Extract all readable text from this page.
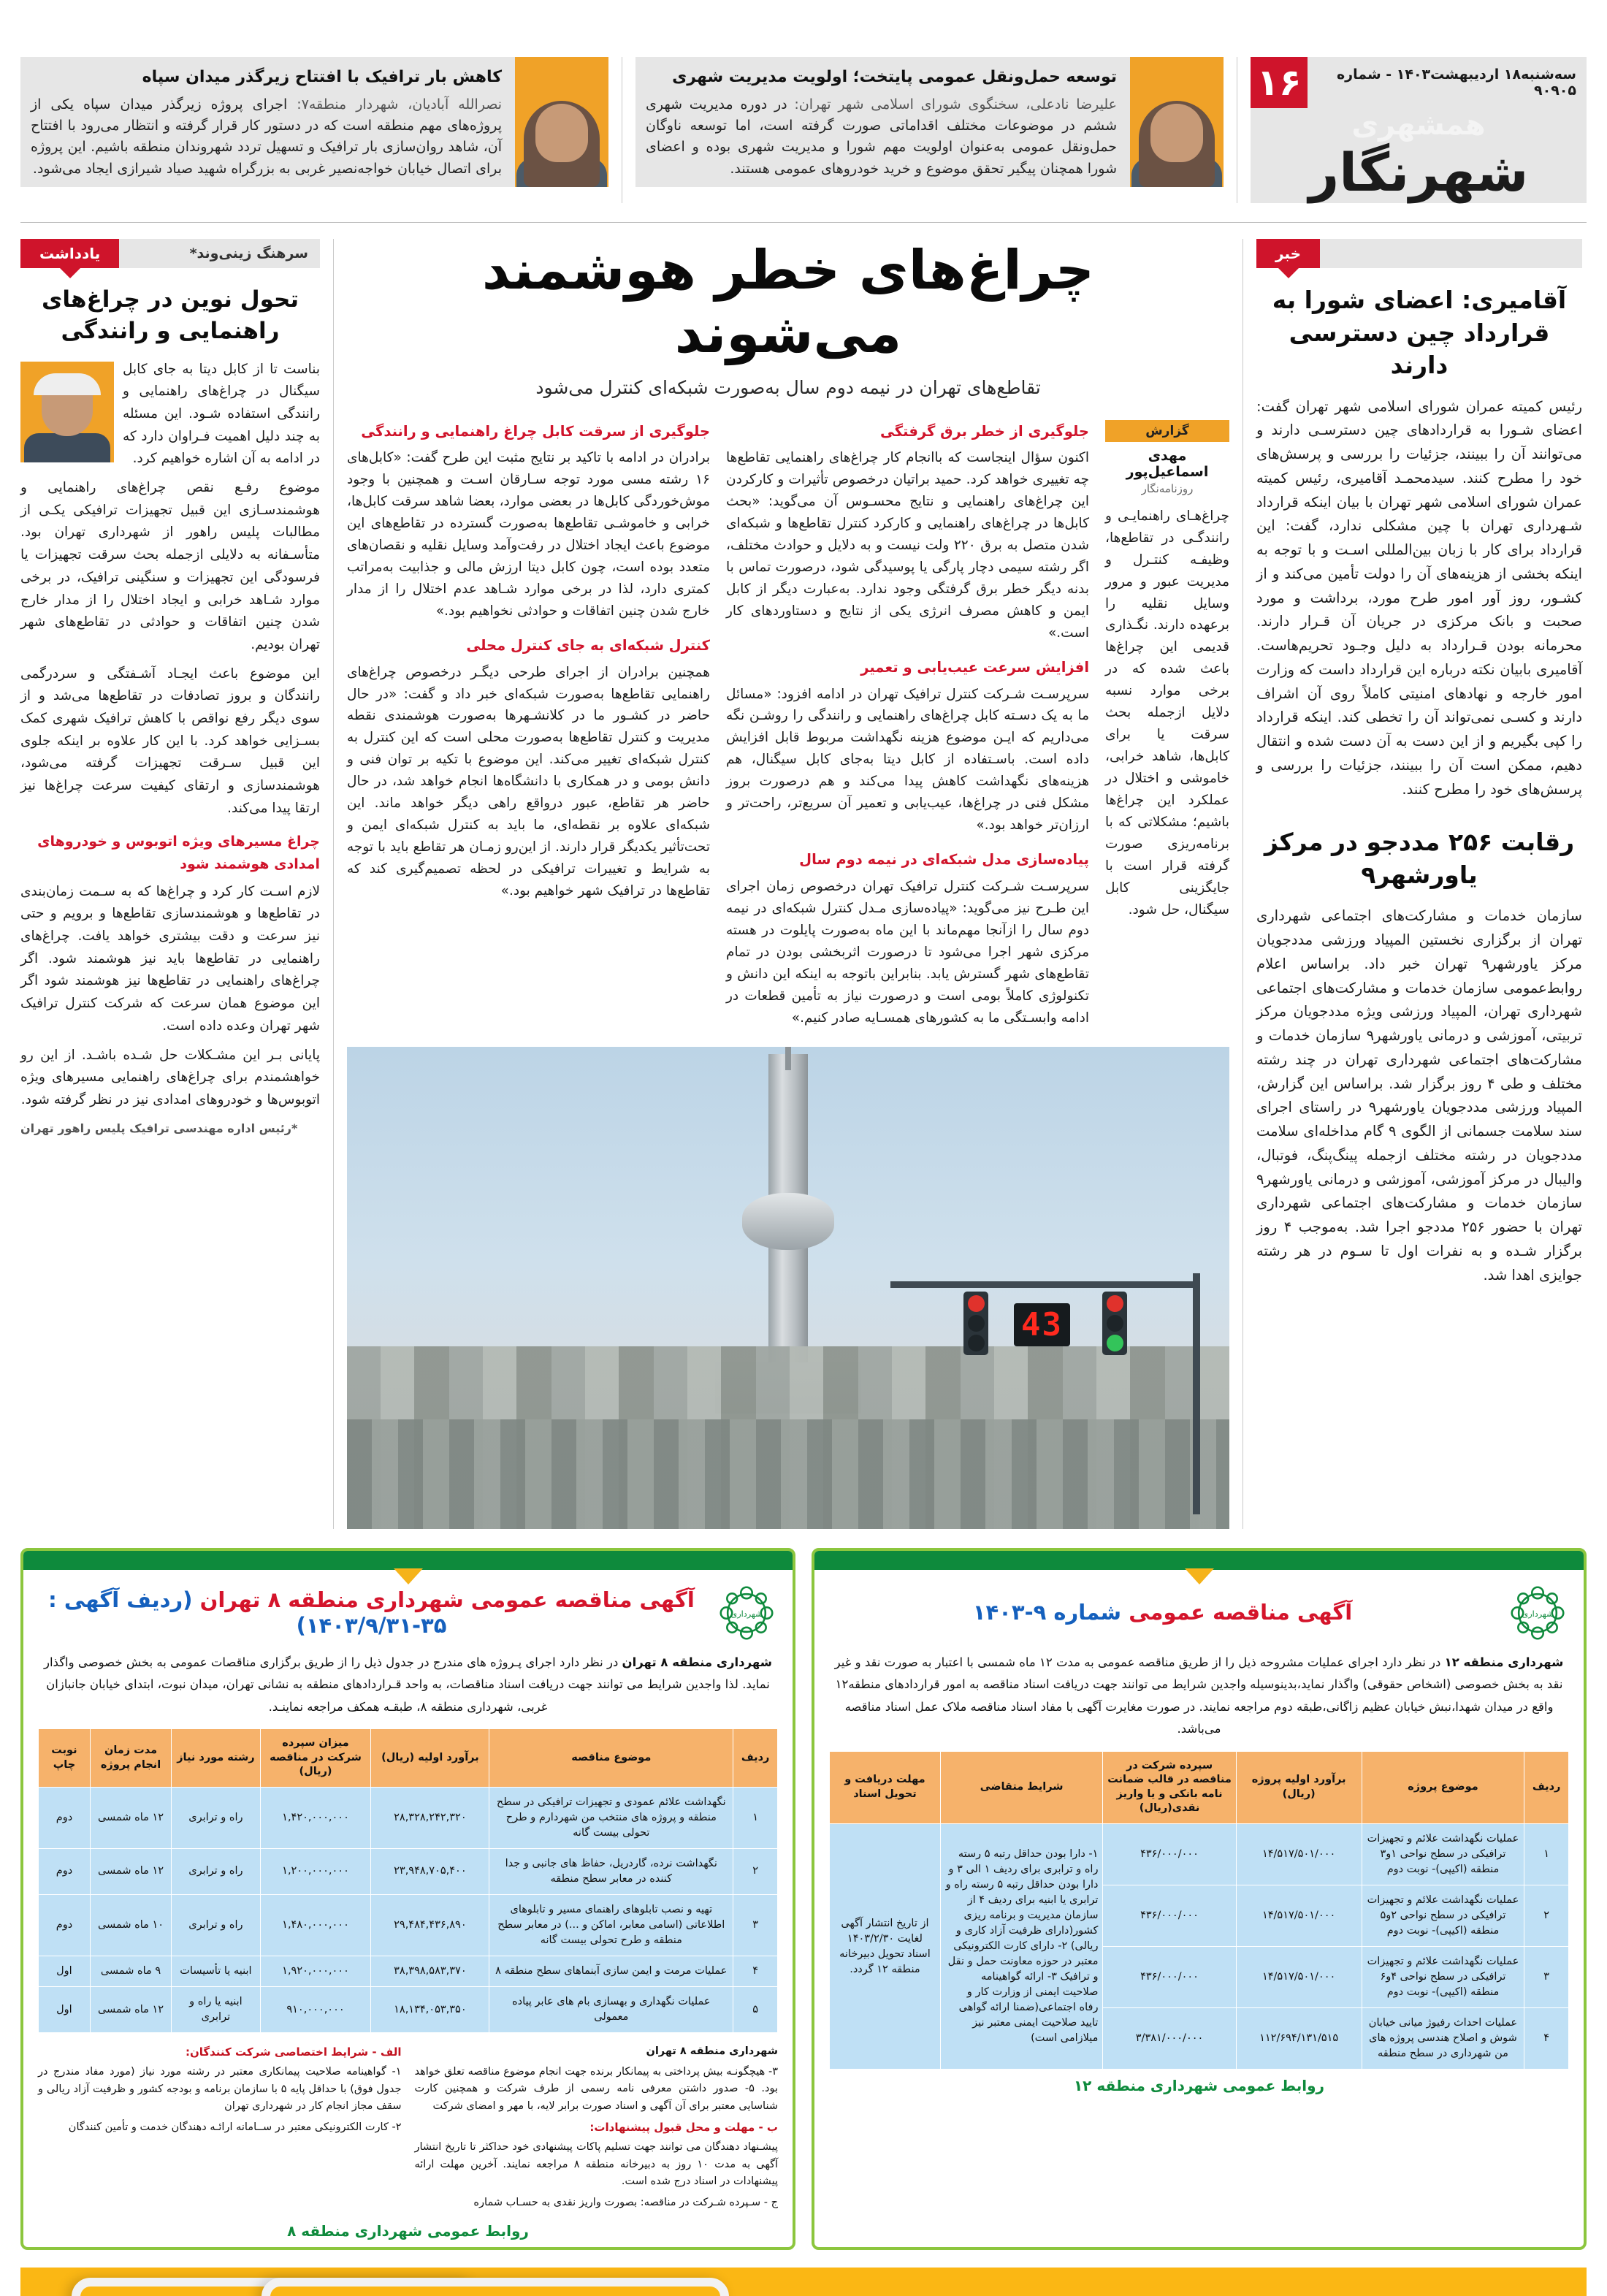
سه‌شنبه۱۸ اردیبهشت۱۴۰۳ - شماره ۹۰۹۰۵
۱۶
همشهری
شهرنگار
توسعه حمل‌ونقل عمومی پایتخت؛ اولویت مدیریت شهری
علیرضا نادعلی، سخنگوی شورای اسلامی شهر تهران: در دوره مدیریت شهری ششم در موضوعات مختلف اقداماتی صورت گرفته است، اما توسعه ناوگان حمل‌ونقل عمومی به‌عنوان اولویت مهم شورا و مدیریت شهری بوده و اعضای شورا همچنان پیگیر تحقق موضوع و خرید خودروهای عمومی هستند.
کاهش بار ترافیک با افتتاح زیرگذر میدان سپاه
نصرالله آبادیان، شهردار منطقه۷: اجرای پروژه زیرگذر میدان سپاه یکی از پروژه‌های مهم منطقه است که در دستور کار قرار گرفته و انتظار می‌رود با افتتاح آن، شاهد روان‌سازی بار ترافیک و تسهیل تردد شهروندان منطقه باشیم. این پروژه برای اتصال خیابان خواجه‌نصیر غربی به بزرگراه شهید صیاد شیرازی ایجاد می‌شود.
خبر
آقامیری: اعضای شورا به قرارداد چین دسترسی دارند
رئیس کمیته عمران شورای اسلامی شهر تهران گفت: اعضای شـورا به قراردادهای چین دسترسـی دارند و می‌توانند آن را ببینند، جزئیات را بررسی و پرسش‌های خود را مطرح کنند. سیدمحمـد آقامیری، رئیس کمیته عمران شورای اسلامی شهر تهران با بیان اینکه قرارداد شـهرداری تهران با چین مشکلی ندارد، گفت: این قرارداد برای کار با زبان بین‌المللی اسـت و با توجه به اینکه بخشی از هزینه‌های آن را دولت تأمین می‌کند و از کشـور، روز آور امور طرح مورد، برداشت و مورد صحبت و بانک مرکزی در جریان آن قـرار دارند. محرمانه بودن قـرارداد به دلیل وجـود تحریم‌هاست. آقامیری بابیان نکته درباره این قرارداد داست که وزارت امور خارجه و نهادهای امنیتی کاملاً روی آن اشراف دارند و کسـی نمی‌تواند آن را تخطی کند. اینکه قرارداد را کپی بگیریم و از این دست به آن دست شده و انتقال دهیم، ممکن است آن را ببینند، جزئیات را بررسی و پرسش‌های خود را مطرح کنند.
رقابت ۲۵۶ مددجو در مرکز یاورشهر۹
سازمان خدمات و مشارکت‌های اجتماعی شهرداری تهران از برگزاری نخستین المپیاد ورزشی مددجویان مرکز یاورشهر۹ تهران خبر داد. براساس اعلام روابط‌عمومی سازمان خدمات و مشارکت‌های اجتماعی شهرداری تهران، المپیاد ورزشی ویژه مددجویان مرکز تربیتی، آموزشی و درمانی یاورشهر۹ سازمان خدمات و مشارکت‌های اجتماعی شهرداری تهران در چند رشته مختلف و طی ۴ روز برگزار شد. براساس این گزارش، المپیاد ورزشی مددجویان یاورشهر۹ در راستای اجرای سند سلامت جسمانی از الگوی ۹ گام مداخله‌ای سلامت مددجویان در رشته مختلف ازجمله پینگ‌پنگ، فوتبال، والیبال در مرکز آموزشی، آموزشی و درمانی یاورشهر۹ سازمان خدمات و مشارکت‌های اجتماعی شهرداری تهران با حضور ۲۵۶ مددجو اجرا شد. به‌موجب ۴ روز برگزار شـده و به نفرات اول تا سـوم در هر رشته جوایزی اهدا شد.
چراغ‌های خطر هوشمند می‌شوند
تقاطع‌های تهران در نیمه دوم سال به‌صورت شبکه‌ای کنترل می‌شود
گزارش
مهدی اسماعیل‌پور
روزنامه‌نگار
چراغ‌هـای راهنمایـی و رانندگـی در تقاطع‌ها، وظیفـه کنتـرل و مدیریت عبور و مرور وسایل نقلیه را برعهده دارند. نگـذاری قدیمی این چراغ‌ها باعث شده که در برخی موارد نسبه دلایل ازجمله بحث سرقت یا برای کابل‌ها، شاهد خرابی، خاموشی و اختلال در عملکرد این چراغ‌ها باشیم؛ مشکلاتی که با برنامه‌ریزی صورت گرفته قرار است با جایگزینی کابل سیگنال، حل شود.
جلوگیری از خطر برق گرفتگی

اکنون سؤال اینجاست که باانجام کار چراغ‌های راهنمایی تقاطع‌ها چه تغییری خواهد کرد. حمید براتیان درخصوص تأثیرات و کارکردن این چراغ‌های راهنمایی و نتایج محسـوس آن می‌گوید: «بحث کابل‌ها در چراغ‌های راهنمایی و کارکرد کنترل تقاطع‌ها و شبکه‌ای شدن متصل به برق ۲۲۰ ولت نیست و به دلایل و حوادث مختلف، اگر رشته سیمی دچار پارگی یا پوسیدگی شود، درصورت تماس با بدنه دیگر خطر برق گرفتگی وجود ندارد. به‌عبارت دیگر از کابل ایمن و کاهش مصرف انرژی یکی از نتایج و دستاوردهای کار است.»

افزایش سرعت عیب‌یابی و تعمیر

سرپرسـت شـرکت کنترل ترافیک تهران در ادامه افزود: «مسائل ما به یک دسـته کابل چراغ‌های راهنمایی و رانندگی را روشـن نگه می‌داریم که ایـن موضوع هزینه نگهداشت مربوط قابل افزایش داده است. باسـتفاده از کابل دیتا به‌جای کابل سیگنال، هم هزینه‌های نگهداشت کاهش پیدا می‌کند و هم درصورت بروز مشکل فنی در چراغ‌ها، عیب‌یابی و تعمیر آن سریع‌تر، راحت‌تر و ارزان‌تر خواهد بود.»

پیاده‌سازی مدل شبکه‌ای در نیمه دوم سال

سرپرسـت شـرکت کنترل ترافیک تهران درخصوص زمان اجرای این طـرح نیز می‌گوید: «پیاده‌سازی مـدل کنترل شبکه‌ای در نیمه دوم سال را ازآنجا مهم‌ماند با این ماه به‌صورت پایلوت در هسته مرکزی شهر اجرا می‌شود تا درصورت اثربخشی بودن در تمام تقاطع‌های شهر گسترش یابد. بنابراین باتوجه به اینکه این دانش و تکنولوژی کاملاً بومی است و درصورت نیاز به تأمین قطعات در ادامه وابسـتگی ما به کشورهای همسـایه صادر کنیم.»

جلوگیری از سرقت کابل چراغ راهنمایی و رانندگی

برادران در ادامه با تاکید بر نتایج مثبت این طرح گفت: «کابل‌های ۱۶ رشته مسی مورد توجه سـارقان اسـت و همچنین با وجود موش‌خوردگی کابل‌ها در بعضی موارد، بعضا شاهد سرقت کابل‌ها، خرابی و خاموشـی تقاطع‌ها به‌صورت گسترده در تقاطع‌های این موضوع باعث ایجاد اختلال در رفت‌وآمد وسایل نقلیه و نقصان‌های متعدد بوده است، چون کابل دیتا ارزش مالی و جذابیت به‌مراتب کمتری دارد، لذا در برخی موارد شـاهد عدم اختلال را از مدار خارج شدن چنین اتفاقات و حوادثی نخواهیم بود.»

کنترل شبکه‌ای به جای کنترل محلی

همچنین برادران از اجرای طرحی دیگـر درخصوص چراغ‌های راهنمایی تقاطع‌ها به‌صورت شبکه‌ای خبر داد و گفت: «در حال حاضر در کشـور ما در کلانشـهرها به‌صورت هوشمندی نقطه مدیریت و کنترل تقاطع‌ها به‌صورت محلی است که این کنترل به کنترل شبکه‌ای تغییر می‌کند. این موضوع با تکیه بر توان فنی و دانش بومی و در همکاری با دانشگاه‌ها انجام خواهد شد، در حال حاضر هر تقاطع، عبور درواقع راهی دیگر خواهد ماند. این شبکه‌ای علاوه بر نقطه‌ای، ما باید به کنترل شبکه‌ای ایمن و تحت‌تأثیر یکدیگر قرار دارند. از این‌رو زمـان هر تقاطع باید با توجه به شرایط و تغییرات ترافیکی در لحظه تصمیم‌گیری کند که تقاطع‌ها در ترافیک شهر خواهیم بود.»

43
یادداشت	سرهنگ زینی‌وند*
تحول نوین در چراغ‌های راهنمایی و رانندگی

بناست تا از کابل دیتا به‌ جای کابل سیگنال در چراغ‌های راهنمایی و رانندگی استفاده شـود. این مسئله به چند دلیل اهمیت فـراوان دارد که در ادامه به آن اشاره خواهیم کرد.

موضوع رفـع نقص چراغ‌های راهنمایی و هوشمندسـازی این قبیل تجهیزات ترافیکی یکـی از مطالبات پلیس راهور از شهرداری تهران بود. متأسـفانه به دلایلی ازجمله بحث سرقت تجهیزات یا فرسودگی این تجهیزات و سنگینی ترافیک، در برخی موارد شـاهد خرابی و ایجاد اختلال را از مدار خارج شدن چنین اتفاقات و حوادثی در تقاطع‌های شهر تهران بودیم.

این موضوع باعث ایجـاد آشـفتگی و سردرگمی رانندگان و بروز تصادفات در تقاطع‌ها می‌شد و از سوی دیگر رفع نواقص با کاهش ترافیک شهری کمک بسـزایی خواهد کرد. با این کار علاوه بر اینکه جلوی این قبیل سـرقت تجهیزات گرفته می‌شود، هوشمندسازی و ارتقای کیفیت سرعت چراغ‌ها نیز ارتقا پیدا می‌کند.

چراغ مسیرهای ویژه اتوبوس و خودروهای امدادی هوشمند شود

لازم اسـت کار کرد و چراغ‌ها که به سـمت زمان‌بندی در تقاطع‌ها و هوشمندسازی تقاطع‌ها و برویم و حتی نیز سرعت و دقت بیشتری خواهد یافت. چراغ‌های راهنمایی در تقاطع‌ها باید نیز هوشمند شود. اگر چراغ‌های راهنمایی در تقاطع‌ها نیز هوشمند شود اگر این موضوع همان سرعت که شرکت کنترل ترافیک شهر تهران وعده داده است.

پایانی بـر این مشـکلات حل‌ شـده باشـد. از این رو خواهشمندم برای چراغ‌های راهنمایی مسیرهای ویژه اتوبوس‌ها و خودروهای امدادی نیز در نظر گرفته شود.

*رئیس اداره مهندسی ترافیک پلیس راهور تهران
شهرداری
آگهی مناقصه عمومی شماره ۹-۱۴۰۳
شهرداری منطقه ۱۲ در نظر دارد اجرای عملیات مشروحه ذیل را از طریق مناقصه عمومی به مدت ۱۲ ماه شمسی با اعتبار به صورت نقد و غیر نقد به بخش خصوصی (اشخاص حقوقی) واگذار نماید،بدینوسیله واجدین شرایط می توانند جهت دریافت اسناد مناقصه به امور قراردادهای منطقه۱۲ واقع در میدان شهدا،نبش خیابان عظیم زاگانی،طبقه دوم مراجعه نمایند. در صورت مغایرت آگهی با مفاد اسناد مناقصه ملاک عمل اسناد مناقصه می‌باشد.
ردیف	موضوع پروژه	برآورد اولیه پروژه (ریال)	سپرده شرکت در مناقصه در قالب ضمانت نامه بانکی و یا واریز نقدی(ریال)	شرایط متقاضی	مهلت دریافت و تحویل اسناد
۱	عملیات نگهداشت علائم و تجهیزات ترافیکی در سطح نواحی ۱و۳ منطقه (اکیپی)- نوبت دوم	۱۴/۵۱۷/۵۰۱/۰۰۰	۴۳۶/۰۰۰/۰۰۰	۱- دارا بودن حداقل رتبه ۵ رسته راه و ترابری برای ردیف ۱ الی ۳ و دارا بودن حداقل رتبه ۵ رسته راه و ترابری یا ابنیه برای ردیف ۴ از سازمان مدیریت و برنامه ریزی کشور(دارای ظرفیت آزاد کاری و ریالی) ۲- دارای کارت الکترونیکی معتبر در حوزه معاونت حمل و نقل و ترافیک ۳- ارائه گواهینامه صلاحیت ایمنی از وزارت کار و رفاه اجتماعی(ضمنا ارائه گواهی تایید صلاحیت ایمنی معتبر نیز میلازامی است)	از تاریخ انتشار آگهی لغایت ۱۴۰۳/۲/۳۰ اسناد تحویل دبیرخانه منطقه ۱۲ گردد.
۲	عملیات نگهداشت علائم و تجهیزات ترافیکی در سطح نواحی ۲و۵ منطقه (اکیپی)- نوبت دوم	۱۴/۵۱۷/۵۰۱/۰۰۰	۴۳۶/۰۰۰/۰۰۰		
۳	عملیات نگهداشت علائم و تجهیزات ترافیکی در سطح نواحی ۴و۶ منطقه (اکیپی)- نوبت دوم	۱۴/۵۱۷/۵۰۱/۰۰۰	۴۳۶/۰۰۰/۰۰۰		
۴	عملیات احداث رفیوژ میانی خیابان شوش و اصلاح هندسی پروژه های من شهرداری در سطح منطقه	۱۱۲/۶۹۴/۱۳۱/۵۱۵	۳/۳۸۱/۰۰۰/۰۰۰		
روابط عمومی شهرداری منطقه ۱۲
شهرداری
آگهی مناقصه عمومی شهرداری منطقه ۸ تهران (ردیف آگهی : ۳۵-۱۴۰۳/۹/۳۱)
شهرداری منطقه ۸ تهران در نظر دارد اجرای پـروژه های مندرج در جدول ذیل را از طریق برگزاری مناقصات عمومی به بخش خصوصی واگذار نماید. لذا واجدین شرایط می توانند جهت دریافت اسناد مناقصات، به واحد قـراردادهای منطقه به نشانی تهران، میدان نبوت، ابتدای خیابان جانبازان غربی، شهرداری منطقه ۸، طبقـه همکف مراجعه نماینـد.
ردیف	موضوع مناقصه	برآورد اولیه (ریال)	میزان سپرده شرکت در مناقصه (ریال)	رشته مورد نیاز	مدت زمان انجام پروژه	نوبت چاپ
۱	نگهداشت علائم عمودی و تجهیزات ترافیکی در سطح منطقه و پروژه های منتخب من شهردارم و طرح تحولی بیست گانه	۲۸,۳۲۸,۲۴۲,۳۲۰	۱,۴۲۰,۰۰۰,۰۰۰	راه و ترابری	۱۲ ماه شمسی	دوم
۲	نگهداشت نرده، گاردریل، حفاظ های جانبی و جدا کننده در معابر سطح منطقه	۲۳,۹۴۸,۷۰۵,۴۰۰	۱,۲۰۰,۰۰۰,۰۰۰	راه و ترابری	۱۲ ماه شمسی	دوم
۳	تهیه و نصب تابلوهای راهنمای مسیر و تابلوهای اطلاعاتی (اسامی معابر، اماکن و ...) در معابر سطح منطقه و طرح تحولی بیست گانه	۲۹,۴۸۴,۴۳۶,۸۹۰	۱,۴۸۰,۰۰۰,۰۰۰	راه و ترابری	۱۰ ماه شمسی	دوم
۴	عملیات مرمت و ایمن سازی آبنماهای سطح منطقه ۸	۳۸,۳۹۸,۵۸۳,۳۷۰	۱,۹۲۰,۰۰۰,۰۰۰	ابنیه یا تأسیسات	۹ ماه شمسی	اول
۵	عملیات نگهداری و بهسازی بام های عابر پیاده معمولی	۱۸,۱۳۴,۰۵۳,۳۵۰	۹۱۰,۰۰۰,۰۰۰	ابنیه یا راه و ترابری	۱۲ ماه شمسی	اول
شهرداری منطقه ۸ تهران

۳- هیچگونـه بیش پرداختی به پیمانکار برنده جهت انجام موضوع مناقصه تعلق خواهد بود. ۵- صدور داشتن معرفی نامه رسمی از طرف شرکت و همچنین کارت شناسایی معتبر برای آن آگهی و اسناد صورت برابر لایه، با مهر و امضای شرکت

ب - مهلت و محل قبول پیشنهادات:

پیشـنهاد دهندگان می توانند جهت تسلیم پاکات پیشنهادی خود حداکثر تا تاریخ انتشار آگهی به مدت ۱۰ روز به دبیرخانه منطقه ۸ مراجعه نمایند. آخرین مهلت ارائه پیشنهادات در اسناد درج شده است.

ج - سـپرده شـرکت در مناقصه: بصورت واریز نقدی به حسـاب شماره

الف - شرایط اختصاصی شرکت کنندگان:

۱- گواهینامه صلاحیت پیمانکاری معتبر در رشته مورد نیاز (مورد مفاد مندرج در جدول فوق) با حداقل پایه ۵ با سازمان برنامه و بودجه کشور و ظرفیت آزاد ریالی و سقف مجاز انجام کار در شهرداری تهران

۲- کارت الکترونیکی معتبر در ســامانه ارائـه دهندگان خدمت و تأمین کنندگان

روابط عمومی شهرداری منطقه ۸
